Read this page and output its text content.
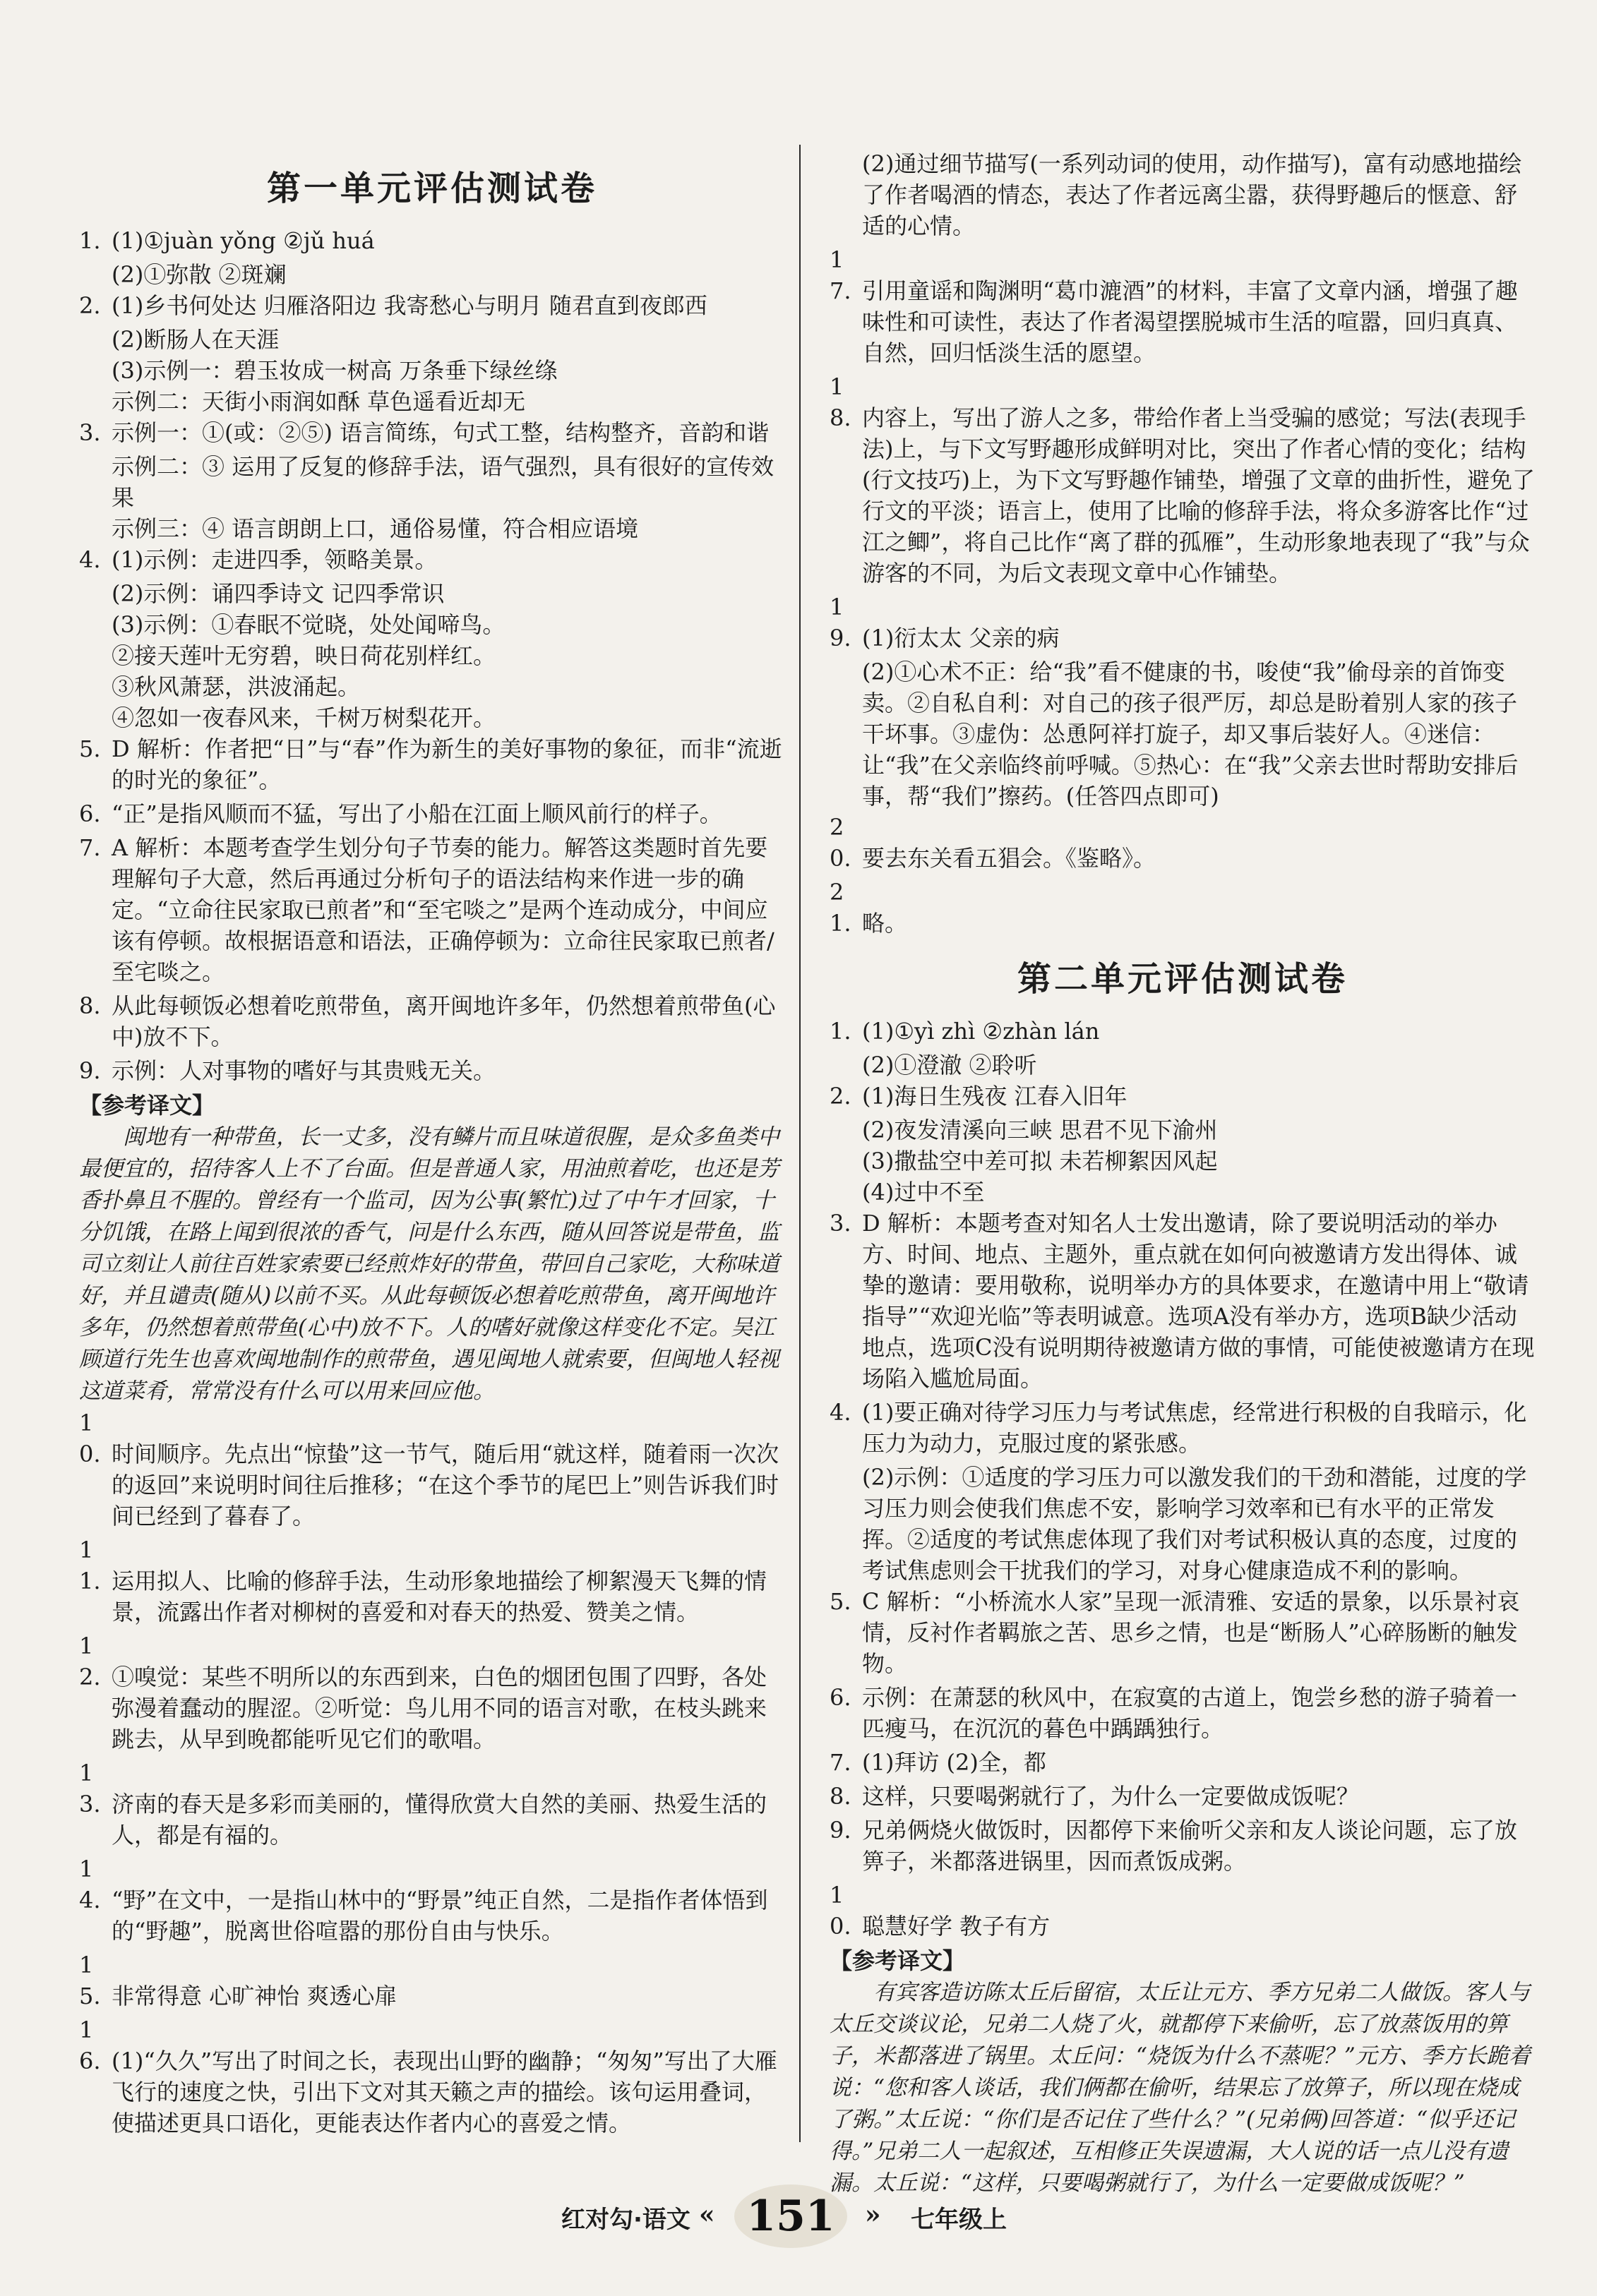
第一单元评估测试卷
1. (1)①juàn yǒng ②jǔ huá
(2)①弥散 ②斑斓
2. (1)乡书何处达 归雁洛阳边 我寄愁心与明月 随君直到夜郎西
(2)断肠人在天涯
(3)示例一：碧玉妆成一树高 万条垂下绿丝绦
示例二：天街小雨润如酥 草色遥看近却无
3. 示例一：①(或：②⑤) 语言简练，句式工整，结构整齐，音韵和谐
示例二：③ 运用了反复的修辞手法，语气强烈，具有很好的宣传效果
示例三：④ 语言朗朗上口，通俗易懂，符合相应语境
4. (1)示例：走进四季，领略美景。
(2)示例：诵四季诗文 记四季常识
(3)示例：①春眠不觉晓，处处闻啼鸟。
②接天莲叶无穷碧，映日荷花别样红。
③秋风萧瑟，洪波涌起。
④忽如一夜春风来，千树万树梨花开。
5. D 解析：作者把“日”与“春”作为新生的美好事物的象征，而非“流逝的时光的象征”。
6. “正”是指风顺而不猛，写出了小船在江面上顺风前行的样子。
7. A 解析：本题考查学生划分句子节奏的能力。解答这类题时首先要理解句子大意，然后再通过分析句子的语法结构来作进一步的确定。“立命往民家取已煎者”和“至宅啖之”是两个连动成分，中间应该有停顿。故根据语意和语法，正确停顿为：立命往民家取已煎者/至宅啖之。
8. 从此每顿饭必想着吃煎带鱼，离开闽地许多年，仍然想着煎带鱼(心中)放不下。
9. 示例：人对事物的嗜好与其贵贱无关。
【参考译文】
闽地有一种带鱼，长一丈多，没有鳞片而且味道很腥，是众多鱼类中最便宜的，招待客人上不了台面。但是普通人家，用油煎着吃，也还是芳香扑鼻且不腥的。曾经有一个监司，因为公事(繁忙)过了中午才回家，十分饥饿，在路上闻到很浓的香气，问是什么东西，随从回答说是带鱼，监司立刻让人前往百姓家索要已经煎炸好的带鱼，带回自己家吃，大称味道好，并且谴责(随从)以前不买。从此每顿饭必想着吃煎带鱼，离开闽地许多年，仍然想着煎带鱼(心中)放不下。人的嗜好就像这样变化不定。吴江顾道行先生也喜欢闽地制作的煎带鱼，遇见闽地人就索要，但闽地人轻视这道菜肴，常常没有什么可以用来回应他。
10. 时间顺序。先点出“惊蛰”这一节气，随后用“就这样，随着雨一次次的返回”来说明时间往后推移；“在这个季节的尾巴上”则告诉我们时间已经到了暮春了。
11. 运用拟人、比喻的修辞手法，生动形象地描绘了柳絮漫天飞舞的情景，流露出作者对柳树的喜爱和对春天的热爱、赞美之情。
12. ①嗅觉：某些不明所以的东西到来，白色的烟团包围了四野，各处弥漫着蠢动的腥涩。②听觉：鸟儿用不同的语言对歌，在枝头跳来跳去，从早到晚都能听见它们的歌唱。
13. 济南的春天是多彩而美丽的，懂得欣赏大自然的美丽、热爱生活的人，都是有福的。
14. “野”在文中，一是指山林中的“野景”纯正自然，二是指作者体悟到的“野趣”，脱离世俗喧嚣的那份自由与快乐。
15. 非常得意 心旷神怡 爽透心扉
16. (1)“久久”写出了时间之长，表现出山野的幽静；“匆匆”写出了大雁飞行的速度之快，引出下文对其天籁之声的描绘。该句运用叠词，使描述更具口语化，更能表达作者内心的喜爱之情。
(2)通过细节描写(一系列动词的使用，动作描写)，富有动感地描绘了作者喝酒的情态，表达了作者远离尘嚣，获得野趣后的惬意、舒适的心情。
17. 引用童谣和陶渊明“葛巾漉酒”的材料，丰富了文章内涵，增强了趣味性和可读性，表达了作者渴望摆脱城市生活的喧嚣，回归真真、自然，回归恬淡生活的愿望。
18. 内容上，写出了游人之多，带给作者上当受骗的感觉；写法(表现手法)上，与下文写野趣形成鲜明对比，突出了作者心情的变化；结构(行文技巧)上，为下文写野趣作铺垫，增强了文章的曲折性，避免了行文的平淡；语言上，使用了比喻的修辞手法，将众多游客比作“过江之鲫”，将自己比作“离了群的孤雁”，生动形象地表现了“我”与众游客的不同，为后文表现文章中心作铺垫。
19. (1)衍太太 父亲的病
(2)①心术不正：给“我”看不健康的书，唆使“我”偷母亲的首饰变卖。②自私自利：对自己的孩子很严厉，却总是盼着别人家的孩子干坏事。③虚伪：怂恿阿祥打旋子，却又事后装好人。④迷信：让“我”在父亲临终前呼喊。⑤热心：在“我”父亲去世时帮助安排后事，帮“我们”擦药。(任答四点即可)
20. 要去东关看五猖会。《鉴略》。
21. 略。
第二单元评估测试卷
1. (1)①yì zhì ②zhàn lán
(2)①澄澈 ②聆听
2. (1)海日生残夜 江春入旧年
(2)夜发清溪向三峡 思君不见下渝州
(3)撒盐空中差可拟 未若柳絮因风起
(4)过中不至
3. D 解析：本题考查对知名人士发出邀请，除了要说明活动的举办方、时间、地点、主题外，重点就在如何向被邀请方发出得体、诚挚的邀请：要用敬称，说明举办方的具体要求，在邀请中用上“敬请指导”“欢迎光临”等表明诚意。选项A没有举办方，选项B缺少活动地点，选项C没有说明期待被邀请方做的事情，可能使被邀请方在现场陷入尴尬局面。
4. (1)要正确对待学习压力与考试焦虑，经常进行积极的自我暗示，化压力为动力，克服过度的紧张感。
(2)示例：①适度的学习压力可以激发我们的干劲和潜能，过度的学习压力则会使我们焦虑不安，影响学习效率和已有水平的正常发挥。②适度的考试焦虑体现了我们对考试积极认真的态度，过度的考试焦虑则会干扰我们的学习，对身心健康造成不利的影响。
5. C 解析：“小桥流水人家”呈现一派清雅、安适的景象，以乐景衬哀情，反衬作者羁旅之苦、思乡之情，也是“断肠人”心碎肠断的触发物。
6. 示例：在萧瑟的秋风中，在寂寞的古道上，饱尝乡愁的游子骑着一匹瘦马，在沉沉的暮色中踽踽独行。
7. (1)拜访 (2)全，都
8. 这样，只要喝粥就行了，为什么一定要做成饭呢？
9. 兄弟俩烧火做饭时，因都停下来偷听父亲和友人谈论问题，忘了放箅子，米都落进锅里，因而煮饭成粥。
10. 聪慧好学 教子有方
【参考译文】
有宾客造访陈太丘后留宿，太丘让元方、季方兄弟二人做饭。客人与太丘交谈议论，兄弟二人烧了火，就都停下来偷听，忘了放蒸饭用的箅子，米都落进了锅里。太丘问：“烧饭为什么不蒸呢？”元方、季方长跪着说：“您和客人谈话，我们俩都在偷听，结果忘了放箅子，所以现在烧成了粥。”太丘说：“你们是否记住了些什么？”(兄弟俩)回答道：“似乎还记得。”兄弟二人一起叙述，互相修正失误遗漏，大人说的话一点儿没有遗漏。太丘说：“这样，只要喝粥就行了，为什么一定要做成饭呢？”
红对勾·语文 « 151	» 七年级上
